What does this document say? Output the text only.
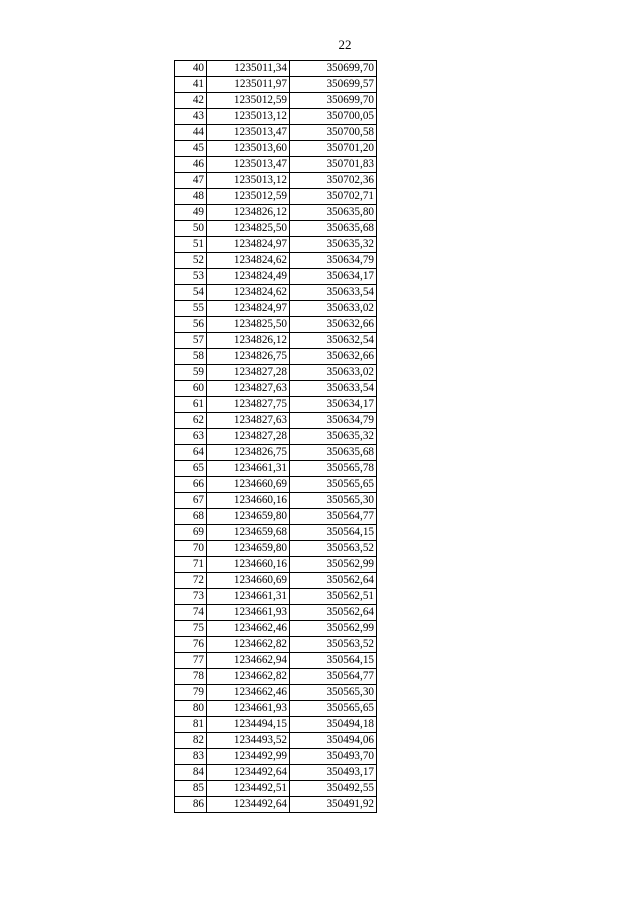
22
40	1235011,34	350699,70
41	1235011,97	350699,57
42	1235012,59	350699,70
43	1235013,12	350700,05
44	1235013,47	350700,58
45	1235013,60	350701,20
46	1235013,47	350701,83
47	1235013,12	350702,36
48	1235012,59	350702,71
49	1234826,12	350635,80
50	1234825,50	350635,68
51	1234824,97	350635,32
52	1234824,62	350634,79
53	1234824,49	350634,17
54	1234824,62	350633,54
55	1234824,97	350633,02
56	1234825,50	350632,66
57	1234826,12	350632,54
58	1234826,75	350632,66
59	1234827,28	350633,02
60	1234827,63	350633,54
61	1234827,75	350634,17
62	1234827,63	350634,79
63	1234827,28	350635,32
64	1234826,75	350635,68
65	1234661,31	350565,78
66	1234660,69	350565,65
67	1234660,16	350565,30
68	1234659,80	350564,77
69	1234659,68	350564,15
70	1234659,80	350563,52
71	1234660,16	350562,99
72	1234660,69	350562,64
73	1234661,31	350562,51
74	1234661,93	350562,64
75	1234662,46	350562,99
76	1234662,82	350563,52
77	1234662,94	350564,15
78	1234662,82	350564,77
79	1234662,46	350565,30
80	1234661,93	350565,65
81	1234494,15	350494,18
82	1234493,52	350494,06
83	1234492,99	350493,70
84	1234492,64	350493,17
85	1234492,51	350492,55
86	1234492,64	350491,92
